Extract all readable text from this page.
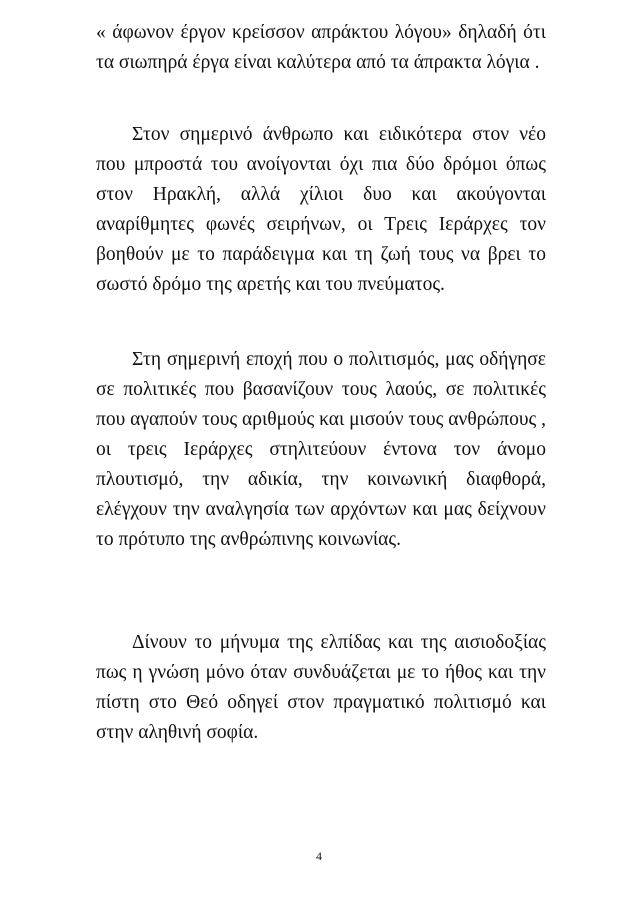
« άφωνον έργον κρείσσον απράκτου λόγου» δηλαδή ότι τα σιωπηρά έργα είναι καλύτερα από τα άπρακτα λόγια .

Στον σημερινό άνθρωπο και ειδικότερα στον νέο που μπροστά του ανοίγονται όχι πια δύο δρόμοι όπως στον Ηρακλή, αλλά χίλιοι δυο και ακούγονται αναρίθμητες φωνές σειρήνων, οι Τρεις Ιεράρχες τον βοηθούν με το παράδειγμα και τη ζωή τους να βρει το σωστό δρόμο της αρετής και του πνεύματος.

Στη σημερινή εποχή που ο πολιτισμός, μας οδήγησε σε πολιτικές που βασανίζουν τους λαούς, σε πολιτικές που αγαπούν τους αριθμούς και μισούν τους ανθρώπους , οι τρεις Ιεράρχες στηλιτεύουν έντονα τον άνομο πλουτισμό, την αδικία, την κοινωνική διαφθορά, ελέγχουν την αναλγησία των αρχόντων και μας δείχνουν το πρότυπο της ανθρώπινης κοινωνίας.

Δίνουν το μήνυμα της ελπίδας και της αισιοδοξίας πως η γνώση μόνο όταν συνδυάζεται με το ήθος και την πίστη στο Θεό οδηγεί στον πραγματικό πολιτισμό και στην αληθινή σοφία.

4
